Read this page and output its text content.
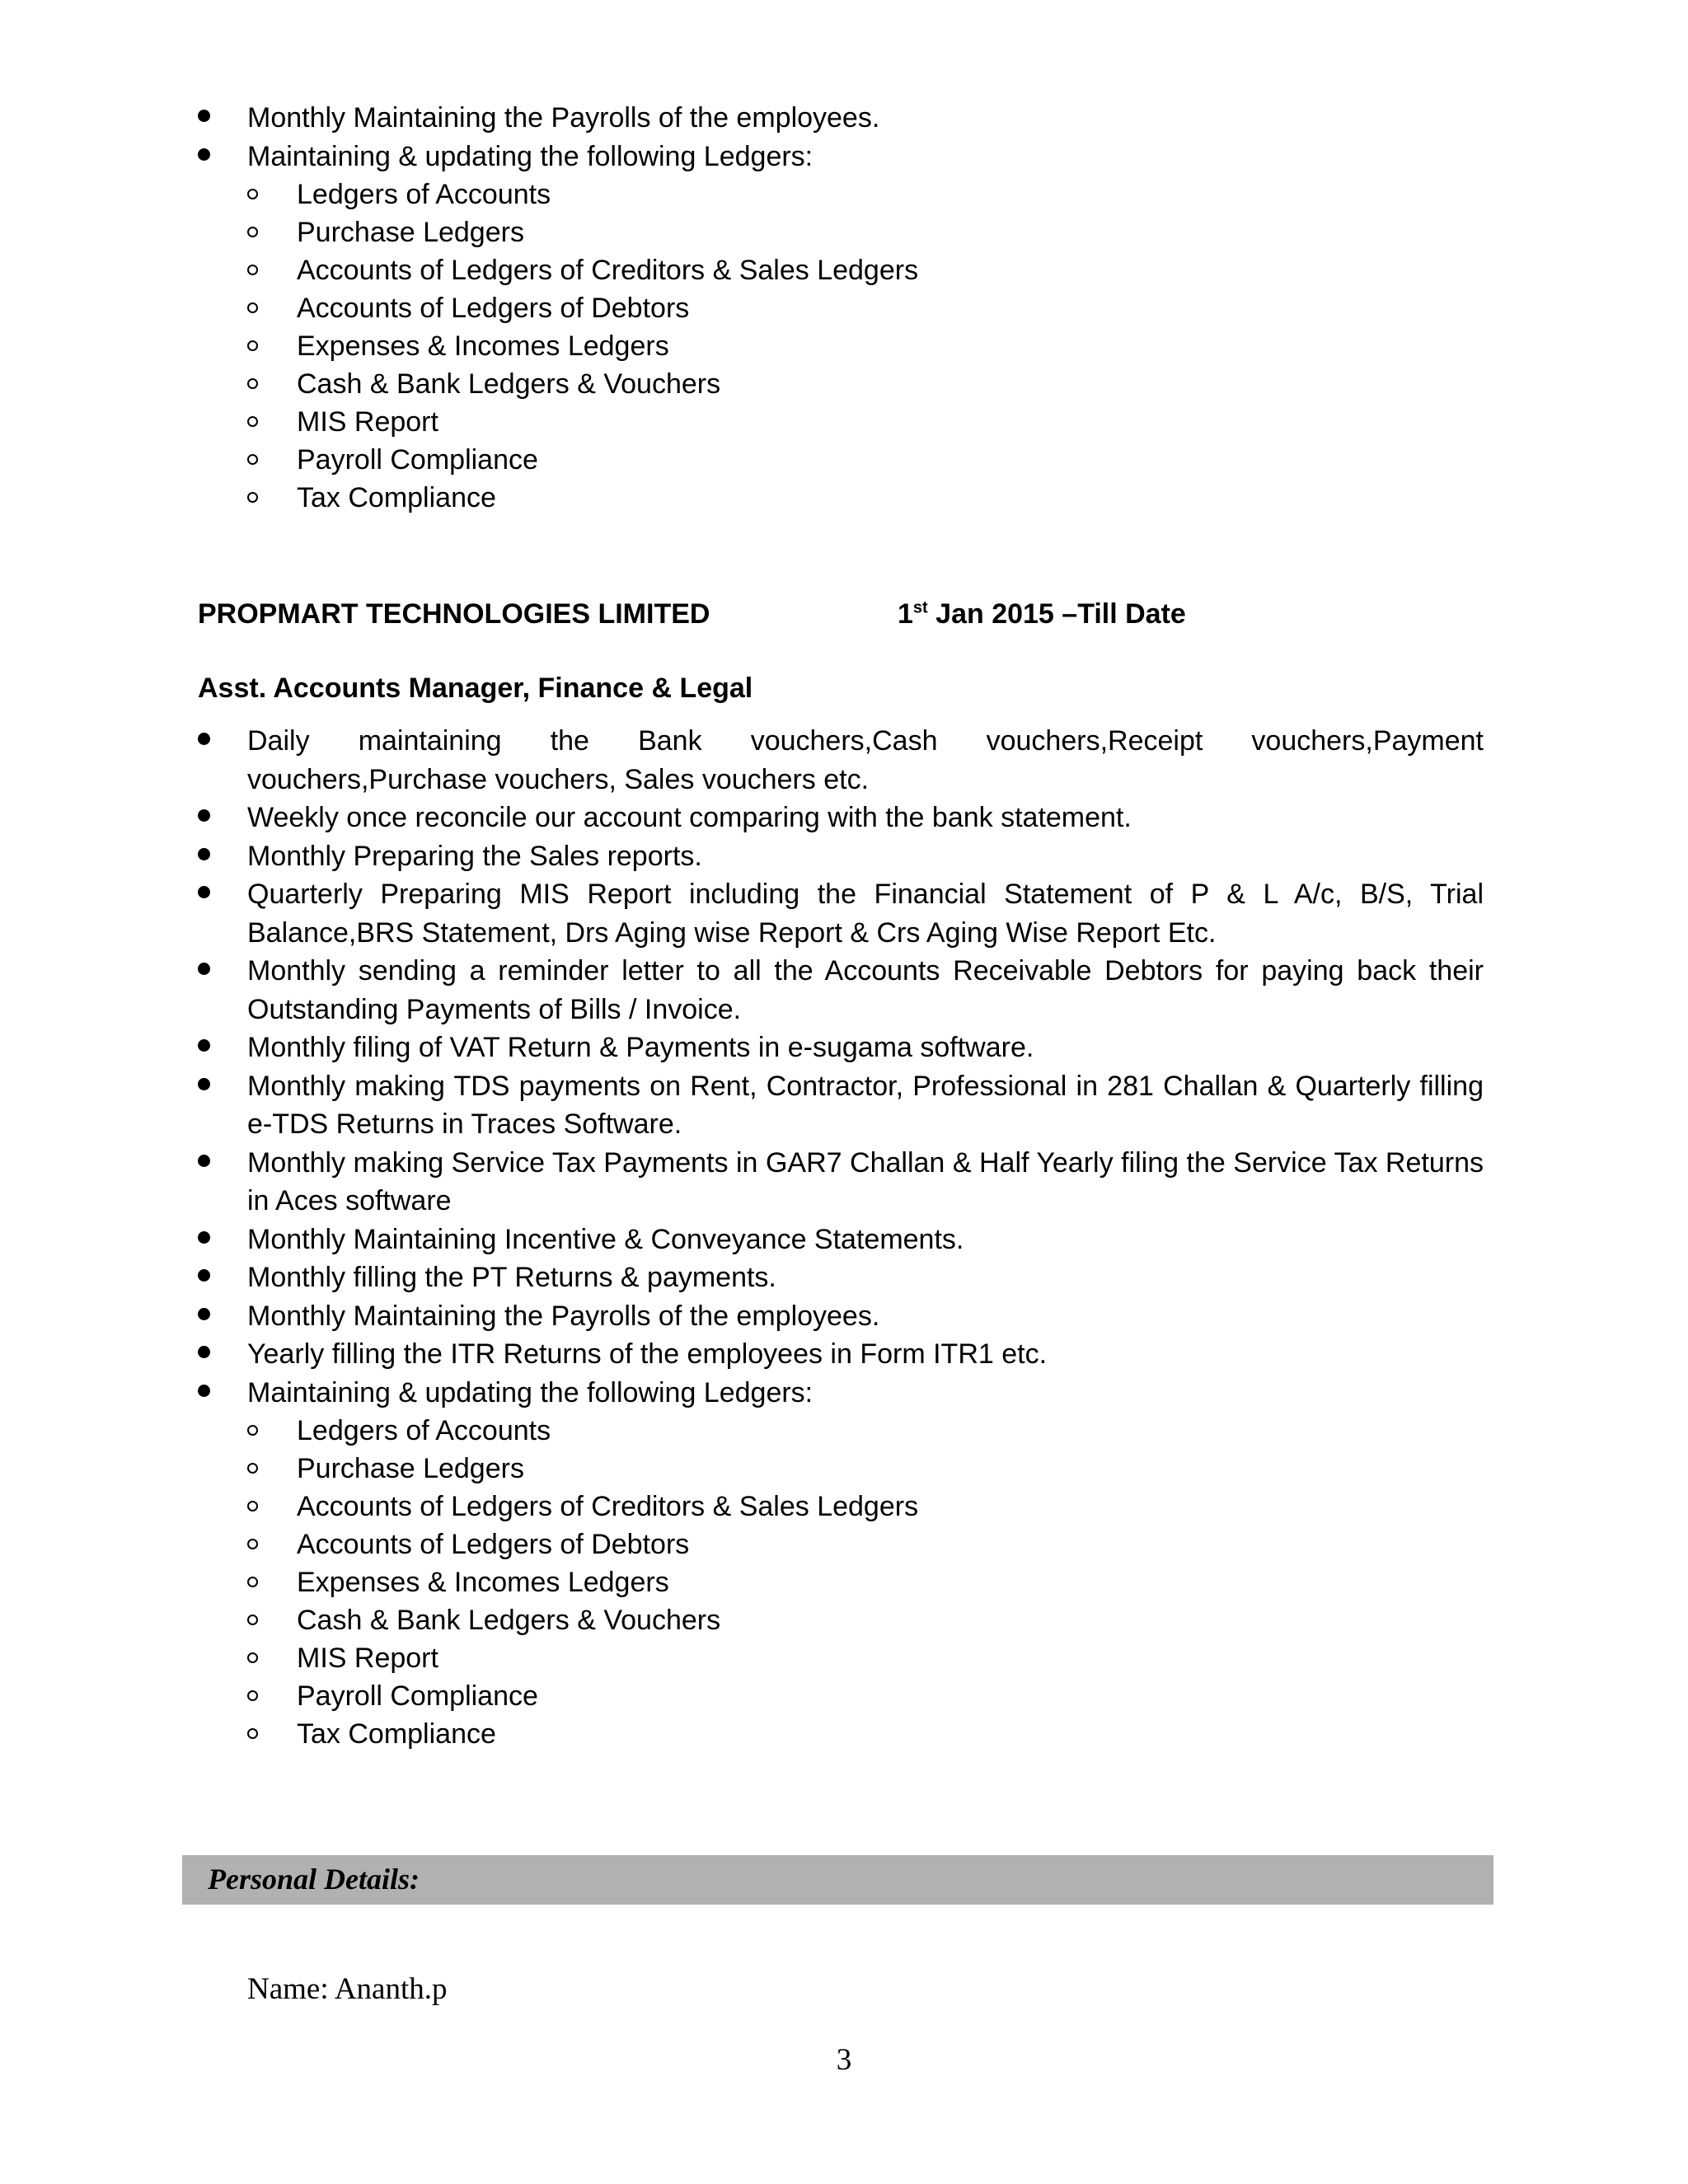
Monthly Maintaining the Payrolls of the employees.
Maintaining & updating the following Ledgers:
Ledgers of Accounts
Purchase Ledgers
Accounts of Ledgers of Creditors & Sales Ledgers
Accounts of Ledgers of Debtors
Expenses & Incomes Ledgers
Cash & Bank Ledgers & Vouchers
MIS Report
Payroll Compliance
Tax Compliance
PROPMART TECHNOLOGIES LIMITED	1st Jan 2015 –Till Date
Asst. Accounts Manager, Finance & Legal
Daily maintaining the Bank vouchers,Cash vouchers,Receipt vouchers,Payment vouchers,Purchase vouchers, Sales vouchers etc.
Weekly once reconcile our account comparing with the bank statement.
Monthly Preparing the Sales reports.
Quarterly Preparing MIS Report including the Financial Statement of P & L A/c, B/S, Trial Balance,BRS Statement, Drs Aging wise Report & Crs Aging Wise Report Etc.
Monthly sending a reminder letter to all the Accounts Receivable Debtors for paying back their Outstanding Payments of Bills / Invoice.
Monthly filing of VAT Return & Payments in e-sugama software.
Monthly making TDS payments on Rent, Contractor, Professional in 281 Challan & Quarterly filling e-TDS Returns in Traces Software.
Monthly making Service Tax Payments in GAR7 Challan & Half Yearly filing the Service Tax Returns in Aces software
Monthly Maintaining Incentive & Conveyance Statements.
Monthly filling the PT Returns & payments.
Monthly Maintaining the Payrolls of the employees.
Yearly filling the ITR Returns of the employees in Form ITR1 etc.
Maintaining & updating the following Ledgers:
Ledgers of Accounts
Purchase Ledgers
Accounts of Ledgers of Creditors & Sales Ledgers
Accounts of Ledgers of Debtors
Expenses & Incomes Ledgers
Cash & Bank Ledgers & Vouchers
MIS Report
Payroll Compliance
Tax Compliance
Personal Details:
Name: Ananth.p
3
